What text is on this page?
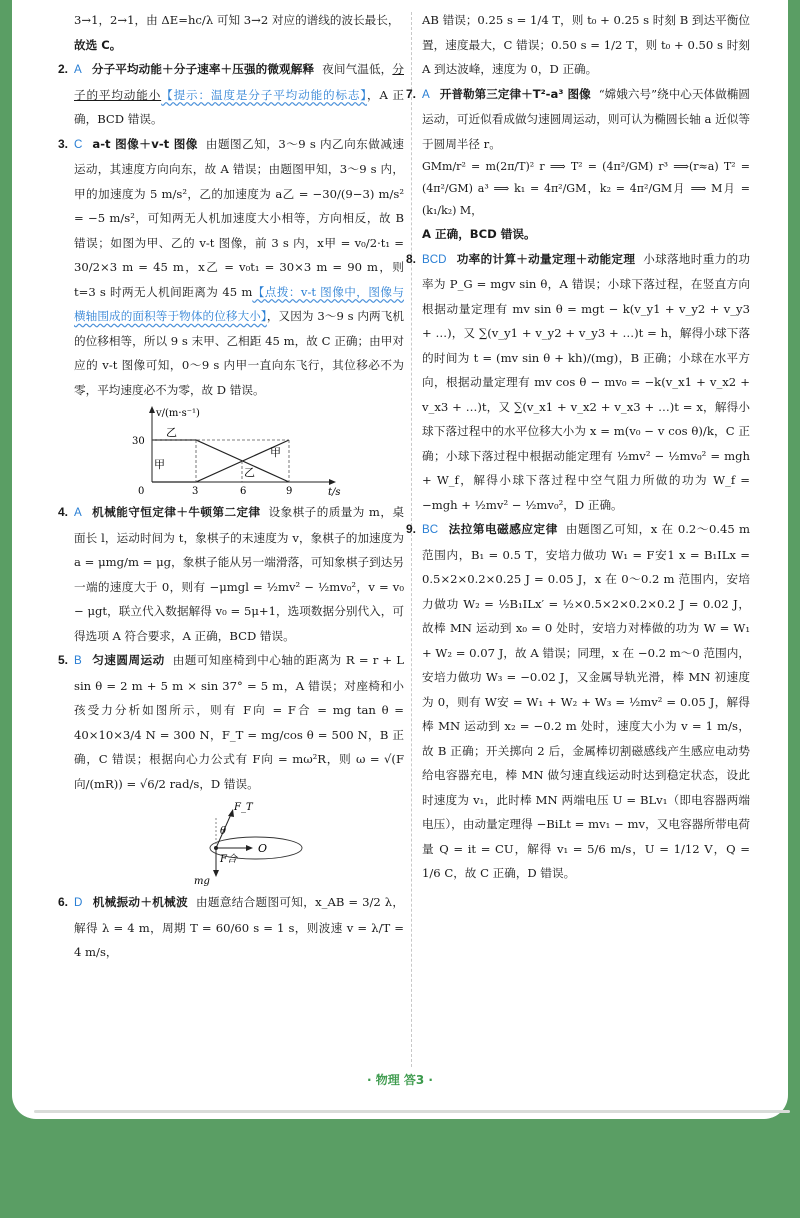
3→1，2→1，由 ΔE=hc/λ 可知 3→2 对应的谱线的波长最长，

故选 C。

2. A 分子平均动能＋分子速率＋压强的微观解释 夜间气温低，分子的平均动能小【提示：温度是分子平均动能的标志】，A 正确，BCD 错误。
3. C a-t 图像＋v-t 图像 由题图乙知，3～9 s 内乙向东做减速运动，其速度方向向东，故 A 错误；由题图甲知，3～9 s 内，甲的加速度为 5 m/s²，乙的加速度为 a乙 = −30/(9−3) m/s² = −5 m/s²，可知两无人机加速度大小相等，方向相反，故 B 错误；如图为甲、乙的 v-t 图像，前 3 s 内，x甲 = v₀/2·t₁ = 30/2×3 m = 45 m，x乙 = v₀t₁ = 30×3 m = 90 m，则 t=3 s 时两无人机间距离为 45 m【点拨：v-t 图像中，图像与横轴围成的面积等于物体的位移大小】，又因为 3～9 s 内两飞机的位移相等，所以 9 s 末甲、乙相距 45 m，故 C 正确；由甲对应的 v-t 图像可知，0～9 s 内甲一直向东飞行，其位移必不为零，平均速度必不为零，故 D 错误。
v/(m·s⁻¹)
t/s
0
30
3	6	9
乙
甲
乙
甲
4. A 机械能守恒定律＋牛顿第二定律 设象棋子的质量为 m，桌面长 l，运动时间为 t，象棋子的末速度为 v，象棋子的加速度为 a = μmg/m = μg，象棋子能从另一端滑落，可知象棋子到达另一端的速度大于 0，则有 −μmgl = ½mv² − ½mv₀²，v = v₀ − μgt，联立代入数据解得 v₀ = 5μ+1，选项数据分别代入，可得选项 A 符合要求，A 正确，BCD 错误。
5. B 匀速圆周运动 由题可知座椅到中心轴的距离为 R = r + L sin θ = 2 m + 5 m × sin 37° = 5 m，A 错误；对座椅和小孩受力分析如图所示，则有 F向 = F合 = mg tan θ = 40×10×3/4 N = 300 N，F_T = mg/cos θ = 500 N，B 正确，C 错误；根据向心力公式有 F向 = mω²R，则 ω = √(F向/(mR)) = √6/2 rad/s，D 错误。
F_T
θ
F合
O
mg
6. D 机械振动＋机械波 由题意结合题图可知，x_AB = 3/2 λ，解得 λ = 4 m，周期 T = 60/60 s = 1 s，则波速 v = λ/T = 4 m/s，

AB 错误；0.25 s = 1/4 T，则 t₀ + 0.25 s 时刻 B 到达平衡位置，速度最大，C 错误；0.50 s = 1/2 T，则 t₀ + 0.50 s 时刻 A 到达波峰，速度为 0，D 正确。

7. A 开普勒第三定律＋T²-a³ 图像 “嫦娥六号”绕中心天体做椭圆运动，可近似看成做匀速圆周运动，则可认为椭圆长轴 a 近似等于圆周半径 r。

GMm/r² = m(2π/T)² r ⟹ T² = (4π²/GM) r³ ⟹(r≈a) T² = (4π²/GM) a³ ⟹ k₁ = 4π²/GM，k₂ = 4π²/GM月 ⟹ M月 = (k₁/k₂) M，

A 正确，BCD 错误。

8. BCD 功率的计算＋动量定理＋动能定理 小球落地时重力的功率为 P_G = mgv sin θ，A 错误；小球下落过程，在竖直方向根据动量定理有 mv sin θ = mgt − k(v_y1 + v_y2 + v_y3 + …)，又 ∑(v_y1 + v_y2 + v_y3 + …)t = h，解得小球下落的时间为 t = (mv sin θ + kh)/(mg)，B 正确；小球在水平方向，根据动量定理有 mv cos θ − mv₀ = −k(v_x1 + v_x2 + v_x3 + …)t，又 ∑(v_x1 + v_x2 + v_x3 + …)t = x，解得小球下落过程中的水平位移大小为 x = m(v₀ − v cos θ)/k，C 正确；小球下落过程中根据动能定理有 ½mv² − ½mv₀² = mgh + W_f，解得小球下落过程中空气阻力所做的功为 W_f = −mgh + ½mv² − ½mv₀²，D 正确。
9. BC 法拉第电磁感应定律 由题图乙可知，x 在 0.2～0.45 m 范围内，B₁ = 0.5 T，安培力做功 W₁ = F安1 x = B₁ILx = 0.5×2×0.2×0.25 J = 0.05 J，x 在 0～0.2 m 范围内，安培力做功 W₂ = ½B₁ILx′ = ½×0.5×2×0.2×0.2 J = 0.02 J，故棒 MN 运动到 x₀ = 0 处时，安培力对棒做的功为 W = W₁ + W₂ = 0.07 J，故 A 错误；同理，x 在 −0.2 m～0 范围内，安培力做功 W₃ = −0.02 J，又金属导轨光滑，棒 MN 初速度为 0，则有 W安 = W₁ + W₂ + W₃ = ½mv² = 0.05 J，解得棒 MN 运动到 x₂ = −0.2 m 处时，速度大小为 v = 1 m/s，故 B 正确；开关掷向 2 后，金属棒切割磁感线产生感应电动势给电容器充电，棒 MN 做匀速直线运动时达到稳定状态，设此时速度为 v₁，此时棒 MN 两端电压 U = BLv₁（即电容器两端电压），由动量定理得 −BiLt = mv₁ − mv，又电容器所带电荷量 Q = it = CU，解得 v₁ = 5/6 m/s，U = 1/12 V，Q = 1/6 C，故 C 正确，D 错误。
· 物理 答3 ·
